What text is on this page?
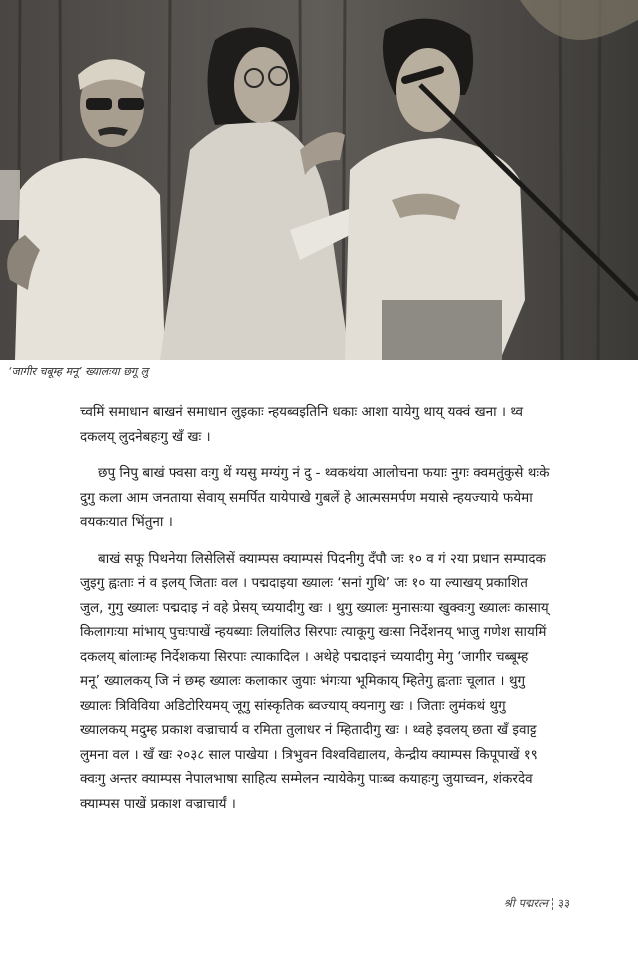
‘जागीर चबूम्ह मनू’ ख्यालःया छगू लु

च्वमिं समाधान बाखनं समाधान लुइकाः न्हयब्वइतिनि धकाः आशा यायेगु थाय् यक्वं खना । थ्व दकलय् लुदनेबहःगु खँ खः ।

छपु निपु बाखं फ्वसा वःगु थें ग्यसु मग्यंगु नं दु - थ्वकथंया आलोचना फयाः नुगः क्वमतुंकुसे थःके दुगु कला आम जनताया सेवाय् समर्पित यायेपाखे गुबलें हे आत्मसमर्पण मयासे न्हयज्याये फयेमा वयकःयात भिंतुना ।

बाखं सफू पिथनेया लिसेलिसें क्याम्पस क्याम्पसं पिदनीगु दँपौ जः १० व गं २या प्रधान सम्पादक जुइगु ह्वःताः नं व इलय् जिताः वल । पद्मदाइया ख्यालः ‘सनां गुथि’ जः १० या ल्याखय् प्रकाशित जुल, गुगु ख्यालः पद्मदाइ नं वहे प्रेसय् च्ययादीगु खः । थुगु ख्यालः मुनासःया खुक्वःगु ख्यालः कासाय् किलागःया मांभाय् पुचःपाखें न्हयब्याः लियांलिउ सिरपाः त्याकूगु खःसा निर्देशनय् भाजु गणेश सायमिं दकलय् बांलाःम्ह निर्देशकया सिरपाः त्याकादिल । अथेहे पद्मदाइनं च्ययादीगु मेगु ‘जागीर चब्बूम्ह मनू’ ख्यालकय् जि नं छम्ह ख्यालः कलाकार जुयाः भंगःया भूमिकाय् म्हितेगु ह्वःताः चूलात । थुगु ख्यालः त्रिविविया अडिटोरियमय् जूगु सांस्कृतिक ब्वज्याय् क्यनागु खः । जिताः लुमंकथं थुगु ख्यालकय् मदुम्ह प्रकाश वज्राचार्य व रमिता तुलाधर नं म्हितादीगु खः । थ्वहे इवलय् छता खँ इवाट्ट लुमना वल । खँ खः २०३८ साल पाखेया । त्रिभुवन विश्वविद्यालय, केन्द्रीय क्याम्पस किपूपाखें १९ क्वःगु अन्तर क्याम्पस नेपालभाषा साहित्य सम्मेलन न्यायेकेगु पाःब्व कयाहःगु जुयाच्वन, शंकरदेव क्याम्पस पाखें प्रकाश वज्राचार्यं ।

श्री पद्मरत्न ३३
